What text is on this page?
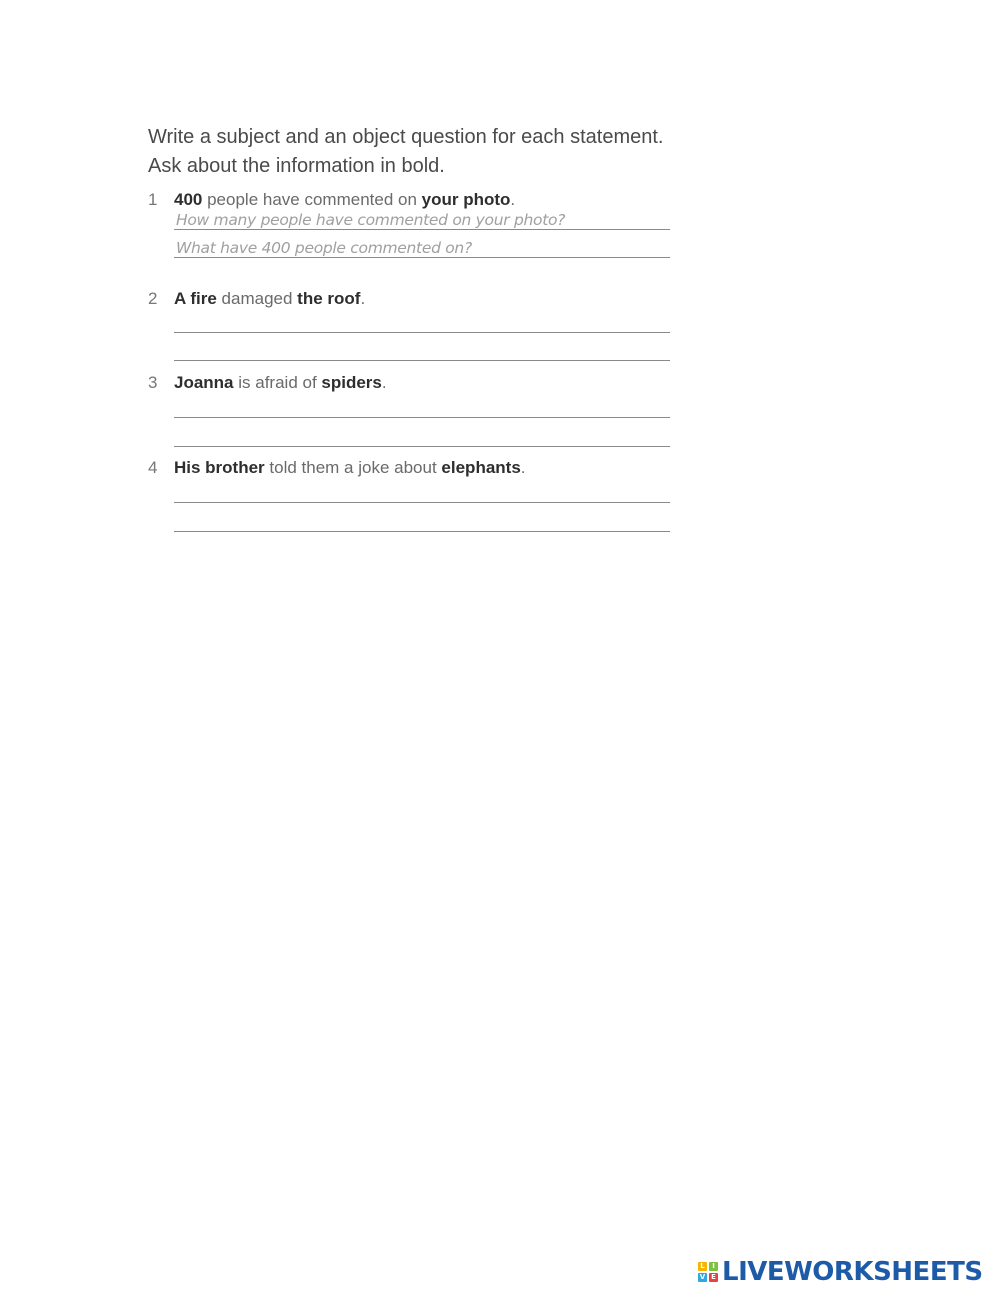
Write a subject and an object question for each statement. Ask about the information in bold.

1 400 people have commented on your photo.
How many people have commented on your photo?
What have 400 people commented on?
2 A fire damaged the roof.
3 Joanna is afraid of spiders.
4 His brother told them a joke about elephants.
L	I
V E LIVEWORKSHEETS
